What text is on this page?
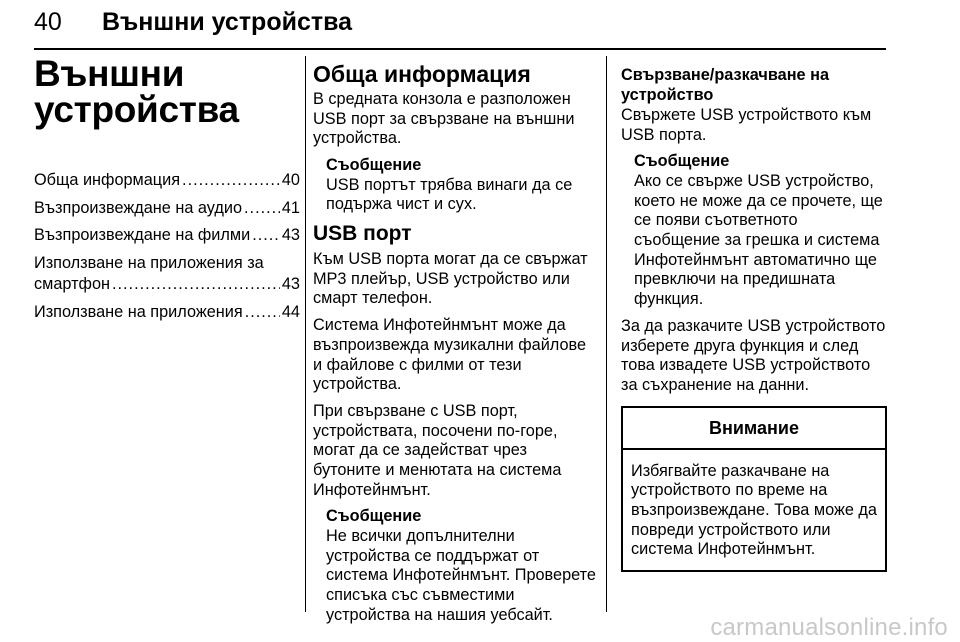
40 Външни устройства
Външни
устройства
Обща информация .....	40
Възпроизвеждане на аудио ..... 41
Възпроизвеждане на филми ..... 43
Използване на приложения за
смартфон .....	43
Използване на приложения ..... 44
Обща информация

В средната конзола е разположен USB порт за свързване на външни устройства.

Съобщение
USB портът трябва винаги да се подържа чист и сух.
USB порт

Към USB порта могат да се свържат MP3 плейър, USB устройство или смарт телефон.

Система Инфотейнмънт може да възпроизвежда музикални файлове и файлове с филми от тези устройства.

При свързване с USB порт, устройствата, посочени по-горе, могат да се задействат чрез бутоните и менютата на система Инфотейнмънт.

Съобщение
Не всички допълнителни устройства се поддържат от система Инфотейнмънт. Проверете списъка със съвместими устройства на нашия уебсайт.
Свързване/разкачване на устройство

Свържете USB устройството към USB порта.

Съобщение
Ако се свърже USB устройство, което не може да се прочете, ще се появи съответното съобщение за грешка и система Инфотейнмънт автоматично ще превключи на предишната функция.

За да разкачите USB устройството изберете друга функция и след това извадете USB устройството за съхранение на данни.

Внимание
Избягвайте разкачване на устройството по време на възпроизвеждане. Това може да повреди устройството или система Инфотейнмънт.
carmanualsonline.info
